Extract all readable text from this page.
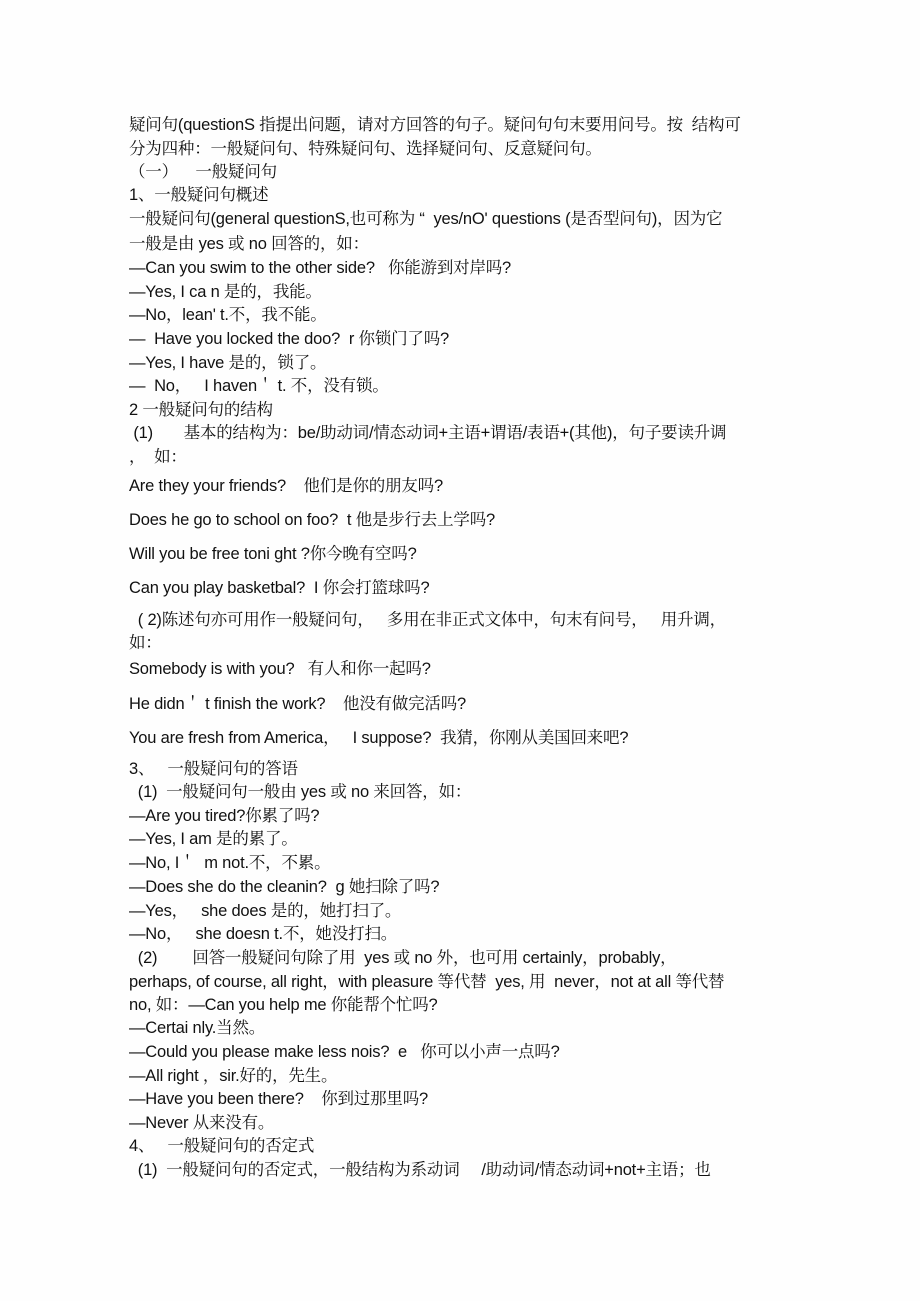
疑问句(questionS 指提出问题，请对方回答的句子。疑问句句末要用问号。按  结构可
分为四种：一般疑问句、特殊疑问句、选择疑问句、反意疑问句。
（一）    一般疑问句
1、一般疑问句概述
一般疑问句(general questionS,也可称为 “  yes/nO' questions (是否型问句)，因为它
一般是由 yes 或 no 回答的，如：
—Can you swim to the other side?   你能游到对岸吗?
—Yes, I ca n 是的，我能。
—No，lean' t.不，我不能。
—  Have you locked the doo?  r 你锁门了吗?
—Yes, I have 是的，锁了。
—  No，   I haven＇ t. 不，没有锁。
2 一般疑问句的结构
(1)       基本的结构为：be/助动词/情态动词+主语+谓语/表语+(其他)，句子要读升调
，  如：
Are they your friends?    他们是你的朋友吗?
Does he go to school on foo?  t 他是步行去上学吗?
Will you be free toni ght ?你今晚有空吗?
Can you play basketbal?  I 你会打篮球吗?
( 2)陈述句亦可用作一般疑问句，   多用在非正式文体中，句末有问号，   用升调，
如：
Somebody is with you?   有人和你一起吗?
He didn＇ t finish the work?    他没有做完活吗?
You are fresh from America，   I suppose?  我猜，你刚从美国回来吧?
3、   一般疑问句的答语
(1)  一般疑问句一般由 yes 或 no 来回答，如：
—Are you tired?你累了吗?
—Yes, I am 是的累了。
—No, I＇  m not.不，不累。
—Does she do the cleanin?  g 她扫除了吗?
—Yes，   she does 是的，她打扫了。
—No，   she doesn t.不，她没打扫。
(2)        回答一般疑问句除了用  yes 或 no 外，也可用 certainly，probably，
perhaps, of course, all right，with pleasure 等代替  yes, 用  never，not at all 等代替
no, 如：—Can you help me 你能帮个忙吗?
—Certai nly.当然。
—Could you please make less nois?  e   你可以小声一点吗?
—All right ，sir.好的，先生。
—Have you been there?    你到过那里吗?
—Never 从来没有。
4、   一般疑问句的否定式
(1)  一般疑问句的否定式，一般结构为系动词     /助动词/情态动词+not+主语；也
